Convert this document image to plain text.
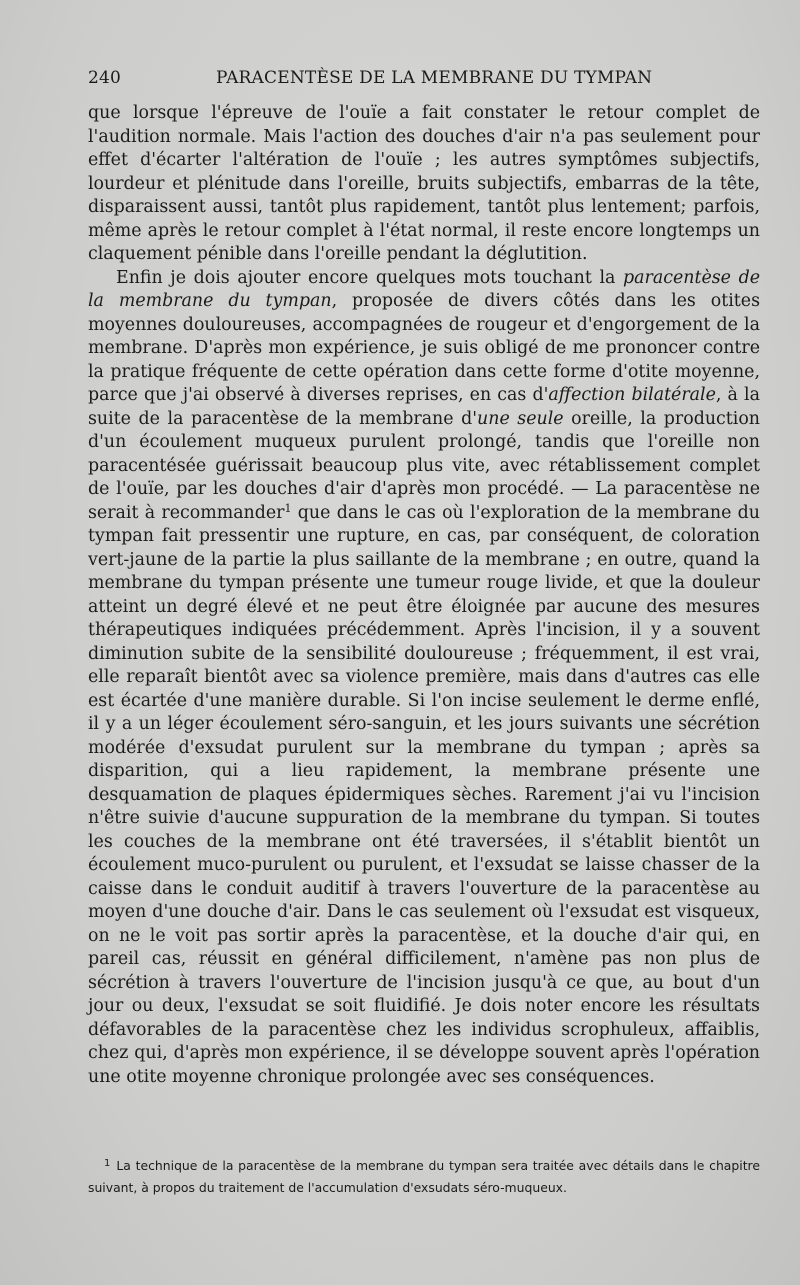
240	PARACENTÈSE DE LA MEMBRANE DU TYMPAN

que lorsque l'épreuve de l'ouïe a fait constater le retour complet de l'audition normale. Mais l'action des douches d'air n'a pas seulement pour effet d'écarter l'altération de l'ouïe ; les autres symptômes subjectifs, lourdeur et plénitude dans l'oreille, bruits subjectifs, embarras de la tête, disparaissent aussi, tantôt plus rapidement, tantôt plus lentement; parfois, même après le retour complet à l'état normal, il reste encore longtemps un claquement pénible dans l'oreille pendant la déglutition.

Enfin je dois ajouter encore quelques mots touchant la paracentèse de la membrane du tympan, proposée de divers côtés dans les otites moyennes douloureuses, accompagnées de rougeur et d'engorgement de la membrane. D'après mon expérience, je suis obligé de me prononcer contre la pratique fréquente de cette opération dans cette forme d'otite moyenne, parce que j'ai observé à diverses reprises, en cas d'affection bilatérale, à la suite de la paracentèse de la membrane d'une seule oreille, la production d'un écoulement muqueux purulent prolongé, tandis que l'oreille non paracentésée guérissait beaucoup plus vite, avec rétablissement complet de l'ouïe, par les douches d'air d'après mon procédé. — La paracentèse ne serait à recommander$^1$ que dans le cas où l'exploration de la membrane du tympan fait pressentir une rupture, en cas, par conséquent, de coloration vert-jaune de la partie la plus saillante de la membrane ; en outre, quand la membrane du tympan présente une tumeur rouge livide, et que la douleur atteint un degré élevé et ne peut être éloignée par aucune des mesures thérapeutiques indiquées précédemment. Après l'incision, il y a souvent diminution subite de la sensibilité douloureuse ; fréquemment, il est vrai, elle reparaît bientôt avec sa violence première, mais dans d'autres cas elle est écartée d'une manière durable. Si l'on incise seulement le derme enflé, il y a un léger écoulement séro-sanguin, et les jours suivants une sécrétion modérée d'exsudat purulent sur la membrane du tympan ; après sa disparition, qui a lieu rapidement, la membrane présente une desquamation de plaques épidermiques sèches. Rarement j'ai vu l'incision n'être suivie d'aucune suppuration de la membrane du tympan. Si toutes les couches de la membrane ont été traversées, il s'établit bientôt un écoulement muco-purulent ou purulent, et l'exsudat se laisse chasser de la caisse dans le conduit auditif à travers l'ouverture de la paracentèse au moyen d'une douche d'air. Dans le cas seulement où l'exsudat est visqueux, on ne le voit pas sortir après la paracentèse, et la douche d'air qui, en pareil cas, réussit en général difficilement, n'amène pas non plus de sécrétion à travers l'ouverture de l'incision jusqu'à ce que, au bout d'un jour ou deux, l'exsudat se soit fluidifié. Je dois noter encore les résultats défavorables de la paracentèse chez les individus scrophuleux, affaiblis, chez qui, d'après mon expérience, il se développe souvent après l'opération une otite moyenne chronique prolongée avec ses conséquences.

$^1$ La technique de la paracentèse de la membrane du tympan sera traitée avec détails dans le chapitre suivant, à propos du traitement de l'accumulation d'exsudats séro-muqueux.
